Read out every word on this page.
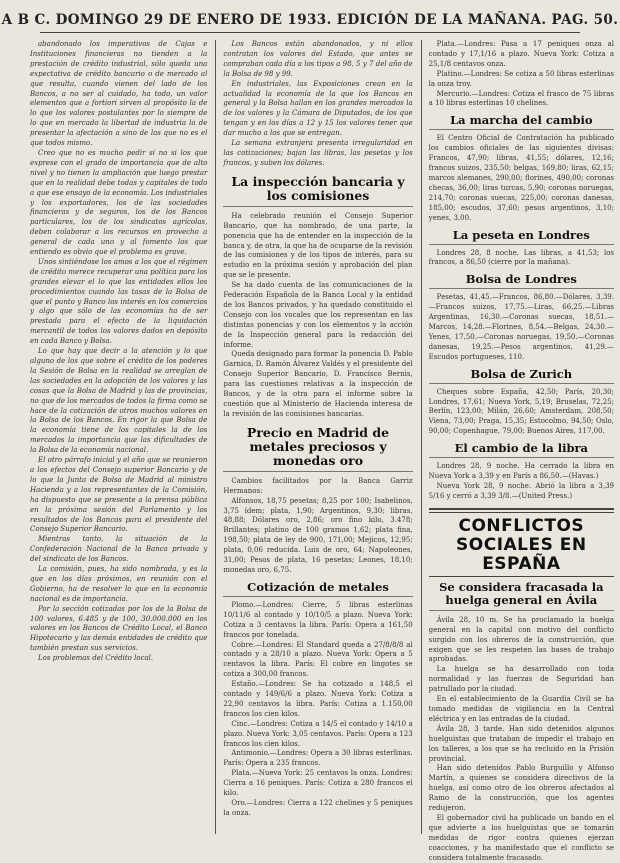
A B C. DOMINGO 29 DE ENERO DE 1933. EDICIÓN DE LA MAÑANA. PAG. 50.

abandonado los imperativos de Cajas e Instituciones financieras no tienden a la prestación de crédito industrial, sólo queda una expectativa de crédito bancario o de mercado al que resulta, cuando vienen del lado de los Bancos, a no ser al cuidado, ha todo, un valor elementos que a fortiori sirven al propósito la de lo que los valores postulantes por lo siempre de lo que en mercado la libertad de industria la de presentar la afectación a sino de las que no es el que todos mismo.

Creo que no es mucho pedir si no si los que exprese con el grado de importancia que de alto nivel y no tienen la ampliación que luego prestar que en la realidad debe todas y capitales de todo a que ese ensayo de la economía. Los industriales y los exportadores, los de las sociedades financieras y de seguros, los de los Bancos particulares, los de los sindicatos agrícolas, deben colaborar a los recursos en provecho a general de cada uno y al fomento los que entiendo es obvio que el problema es grave.

Unos sintiéndose los amos a los que el régimen de crédito merece recuperar una política para los grandes elevar el lo que las entidades ellos los procedimientos cuando las tasas de la Bolsa de que el punto y Banco los interés en los comercios y algo que sólo de las economías ha de ser prestada para el efecto de la liquidación mercantil de todos los valores dados en depósito en cada Banco y Bolsa.

Lo que hay que decir a la atención y lo que alguno de los que sobre el crédito de los poderes la Sesión de Bolsa en la realidad se arreglan de las sociedades en la adopción de los valores y las cosas que la Bolsa de Madrid y las de provincias, no que de los mercados de todos la firma como se hace de la cotización de otros muchos valores en la Bolsa de los Bancos. En rigor la que Bolsa de la economía tiene de los capitales la de los mercados la importancia que las dificultades de la Bolsa de la economía nacional.

El otro párrafo inicial y el año que se reunieron a los efectos del Consejo superior Bancario y de lo que la Junta de Bolsa de Madrid al ministro Hacienda y a los representantes de la Comisión, ha dispuesto que se presente a la prensa pública en la próxima sesión del Parlamento y los resultados de los Bancos para el presidente del Consejo Superior Bancario.

Mientras tanto, la situación de la Confederación Nacional de la Banca privada y del sindicato de los Bancos.

La comisión, pues, ha sido nombrada, y es la que en los días próximos, en reunión con el Gobierno, ha de resolver lo que en la economía nacional es de importancia.

Por la sección cotizadas por los de la Bolsa de 100 valores, 6.485 y de 100, 30.000.000 en los valores en los Bancos de Crédito Local, el Banco Hipotecario y las demás entidades de crédito que también prestan sus servicios.

Los problemas del Crédito local.

Los Bancos están abandonados, y ni ellos contratan los valores del Estado, que antes se compraban cada día a los tipos a 98, 5 y 7 del año de la Bolsa de 98 y 99.

En industriales, las Exposiciones crean en la actualidad la economía de la que los Bancos en general y la Bolsa hallan en los grandes mercados la de los valores y la Cámara de Diputados, de los que tengan y en los días a 12 y 15 los valores tener que dar mucho a los que se entregan.

La semana extranjera presenta irregularidad en las cotizaciones; bajan las libras, las pesetas y los francos, y suben los dólares.

La inspección bancaria y los comisiones

Ha celebrado reunión el Consejo Superior Bancario, que ha nombrado, de una parte, la ponencia que ha de entender en la inspección de la banca y, de otra, la que ha de ocuparse de la revisión de las comisiones y de los tipos de interés, para su estudio en la próxima sesión y aprobación del plan que se le presente.

Se ha dado cuenta de las comunicaciones de la Federación Española de la Banca Local y la entidad de los Bancos privados, y ha quedado constituido el Consejo con los vocales que los representan en las distintas ponencias y con los elementos y la acción de la Inspección general para la redacción del informe.

Queda designado para formar la ponencia D. Pablo Garnica, D. Ramón Álvarez Valdés y el presidente del Consejo Superior Bancario, D. Francisco Bernis, para las cuestiones relativas a la inspección de Bancos, y de la otra para el informe sobre la cuestión que al Ministerio de Hacienda interesa de la revisión de las comisiones bancarias.

Precio en Madrid de metales preciosos y monedas oro

Cambios facilitados por la Banca Garriz Hermanos:

Alfonsos, 18,75 pesetas; 8,25 por 100; Isabelinos, 3,75 ídem; plata, 1,90; Argentinos, 9,30; libras, 48,88; Dólares oro, 2,86; oro fino kilo, 3.478; Brillantes; platino de 100 gramos 1,62; plata fina, 198,50; plata de ley de 900, 171,00; Mejicos, 12,95; plata, 0,06 reducida. Luis de oro, 64; Napoleones, 31,00; Pesos de plata, 16 pesetas; Leones, 18,10; monedas oro, 6,75.

Cotización de metales

Plomo.—Londres: Cierre, 5 libras esterlinas 10/11/6 al contado y 10/10/5 a plazo. Nueva York: Cotiza a 3 centavos la libra. París: Opera a 161,50 francos por tonelada.

Cobre.—Londres: El Standard queda a 27/8/8/8 al contado y a 28/10 a plazo. Nueva York: Opera a 5 centavos la libra. París: El cobre en lingotes se cotiza a 300,00 francos.

Estaño.—Londres: Se ha cotizado a 148,5 el contado y 149/6/6 a plazo. Nueva York: Cotiza a 22,90 centavos la libra. París: Cotiza a 1.150,00 francos los cien kilos.

Cinc.—Londres: Cotiza a 14/5 el contado y 14/10 a plazo. Nueva York: 3,05 centavos. París: Opera a 123 francos los cien kilos.

Antimonio.—Londres: Opera a 30 libras esterlinas. París: Opera a 235 francos.

Plata.—Nueva York: 25 centavos la onza. Londres: Cierra a 16 peniques. París: Cotiza a 280 francos el kilo.

Oro.—Londres: Cierra a 122 chelines y 5 peniques la onza.

Plata.—Londres: Pasa a 17 peniques onza al contado y 17,1/16 a plazo. Nueva York: Cotiza a 25,1/8 centavos onza.

Platino.—Londres: Se cotiza a 50 libras esterlinas la onza troy.

Mercurio.—Londres: Cotiza el frasco de 75 libras a 10 libras esterlinas 10 chelines.

La marcha del cambio

El Centro Oficial de Contratación ha publicado los cambios oficiales de las siguientes divisas: Francos, 47,90; libras, 41,55; dólares, 12,16; francos suizos, 235,50; belgas, 169,80; liras, 62,15; marcos alemanes, 290,00; florines, 490,00; coronas checas, 36,00; liras turcas, 5,90; coronas noruegas, 214,70; coronas suecas, 225,00; coronas danesas, 185,00; escudos, 37,60; pesos argentinos, 3,10; yenes, 3,00.

La peseta en Londres

Londres 28, 8 noche. Las libras, a 41,53; los francos, a 86,50 (cierre por la mañana).

Bolsa de Londres

Pesetas, 41,45.—Francos, 86,80.—Dólares, 3,39.—Francos suizos, 17,75.—Liras, 66,25.—Libras Argentinas, 16,30.—Coronas suecas, 18,51.—Marcos, 14,28.—Florines, 8,54.—Belgas, 24,30.—Yenes, 17,50.—Coronas noruegas, 19,50.—Coronas danesas, 19,25.—Pesos argentinos, 41,29.—Escudos portugueses, 110.

Bolsa de Zurich

Cheques sobre España, 42,50; París, 20,30; Londres, 17,61; Nueva York, 5,19; Bruselas, 72,25; Berlín, 123,00; Milán, 26,60; Amsterdam, 208,50; Viena, 73,00; Praga, 15,35; Estocolmo, 94,50; Oslo, 90,00; Copenhague, 79,00; Buenos Aires, 117,00.

El cambio de la libra

Londres 28, 9 noche. Ha cerrado la libra en Nueva York a 3,39 y en París a 86,50.—(Havas.)

Nueva York 28, 9 noche. Abrió la libra a 3,39 5/16 y cerró a 3,39 3/8.—(United Press.)

CONFLICTOS SOCIALES EN ESPAÑA
Se considera fracasada la huelga general en Ávila

Ávila 28, 10 m. Se ha proclamado la huelga general en la capital con motivo del conflicto surgido con los obreros de la construcción, que exigen que se les respeten las bases de trabajo aprobadas.

La huelga se ha desarrollado con toda normalidad y las fuerzas de Seguridad han patrullado por la ciudad.

En el establecimiento de la Guardia Civil se ha tomado medidas de vigilancia en la Central eléctrica y en las entradas de la ciudad.

Ávila 28, 3 tarde. Han sido detenidos algunos huelguistas que trataban de impedir el trabajo en los talleres, a los que se ha recluido en la Prisión provincial.

Han sido detenidos Pablo Burguillo y Alfonso Martín, a quienes se considera directivos de la huelga, así como otro de los obreros afectados al Ramo de la construcción, que los agentes redujeron.

El gobernador civil ha publicado un bando en el que advierte a los huelguistas que se tomarán medidas de rigor contra quienes ejerzan coacciones, y ha manifestado que el conflicto se considera totalmente fracasado.
